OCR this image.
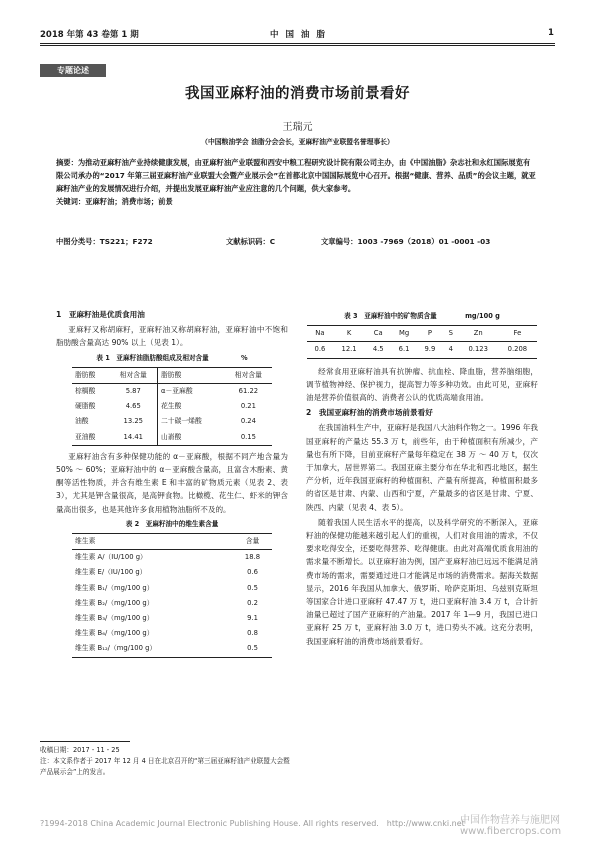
2018 年第 43 卷第 1 期	中 国 油 脂	1
专题论述
我国亚麻籽油的消费市场前景看好
王瑞元
（中国粮油学会 油脂分会会长，亚麻籽油产业联盟名誉理事长）

摘要：为推动亚麻籽油产业持续健康发展，由亚麻籽油产业联盟和西安中粮工程研究设计院有限公司主办，由《中国油脂》杂志社和永红国际展览有限公司承办的“2017 年第三届亚麻籽油产业联盟大会暨产业展示会”在首都北京中国国际展览中心召开。根据“健康、营养、品质”的会议主题，就亚麻籽油产业的发展情况进行介绍，并提出发展亚麻籽油产业应注意的几个问题，供大家参考。

关键词：亚麻籽油；消费市场；前景

中图分类号：TS221；F272	文献标识码：C	文章编号：1003 -7969（2018）01 -0001 -03

1　亚麻籽油是优质食用油

亚麻籽又称胡麻籽，亚麻籽油又称胡麻籽油，亚麻籽油中不饱和脂肪酸含量高达 90% 以上（见表 1）。

表 1　亚麻籽油脂肪酸组成及相对含量	%
脂肪酸	相对含量	脂肪酸	相对含量
棕榈酸	5.87	α－亚麻酸	61.22
硬脂酸	4.65	花生酸	0.21
油酸	13.25	二十碳一烯酸	0.24
亚油酸	14.41	山嵛酸	0.15

亚麻籽油含有多种保健功能的 α－亚麻酸，根据不同产地含量为 50% ～ 60%；亚麻籽油中的 α－亚麻酸含量高，且富含木酚素、黄酮等活性物质，并含有维生素 E 和丰富的矿物质元素（见表 2、表 3），尤其是钾含量很高，是高钾食物。比橄榄、花生仁、虾米的钾含量高出很多，也是其他许多食用植物油脂所不及的。

表 2　亚麻籽油中的维生素含量
维生素	含量
维生素 A/（IU/100 g）	18.8
维生素 E/（IU/100 g）	0.6
维生素 B₁/（mg/100 g）	0.5
维生素 B₂/（mg/100 g）	0.2
维生素 B₃/（mg/100 g）	9.1
维生素 B₆/（mg/100 g）	0.8
维生素 B₁₂/（mg/100 g）	0.5
收稿日期：2017 - 11 - 25
注：本文系作者于 2017 年 12 月 4 日在北京召开的“第三届亚麻籽油产业联盟大会暨产品展示会”上的发言。
表 3　亚麻籽油中的矿物质含量	mg/100 g
Na	K	Ca	Mg	P	S	Zn	Fe
0.6	12.1	4.5	6.1	9.9	4	0.123	0.208

经常食用亚麻籽油具有抗肿瘤、抗血栓、降血脂，营养脑细胞，调节植物神经、保护视力，提高智力等多种功效。由此可见，亚麻籽油是营养价值很高的、消费者公认的优质高端食用油。

2　我国亚麻籽油的消费市场前景看好

在我国油料生产中，亚麻籽是我国八大油料作物之一。1996 年我国亚麻籽的产量达 55.3 万 t，前些年，由于种植面积有所减少，产量也有所下降，目前亚麻籽产量每年稳定在 38 万 ～ 40 万 t，仅次于加拿大，居世界第二。我国亚麻主要分布在华北和西北地区，据生产分析，近年我国亚麻籽的种植面积、产量有所提高，种植面积最多的省区是甘肃、内蒙、山西和宁夏，产量最多的省区是甘肃、宁夏、陕西、内蒙（见表 4、表 5）。

随着我国人民生活水平的提高，以及科学研究的不断深入，亚麻籽油的保健功能越来越引起人们的重视，人们对食用油的需求，不仅要求吃得安全，还要吃得营养、吃得健康。由此对高端优质食用油的需求量不断增长。以亚麻籽油为例，国产亚麻籽油已远远不能满足消费市场的需求，需要通过进口才能满足市场的消费需求。据海关数据显示，2016 年我国从加拿大、俄罗斯、哈萨克斯坦、乌兹别克斯坦等国家合计进口亚麻籽 47.47 万 t，进口亚麻籽油 3.4 万 t，合计折油量已超过了国产亚麻籽的产油量。2017 年 1—9 月，我国已进口亚麻籽 25 万 t，亚麻籽油 3.0 万 t，进口势头不减。这充分表明，我国亚麻籽油的消费市场前景看好。

?1994-2018 China Academic Journal Electronic Publishing House. All rights reserved.　http://www.cnki.net
中国作物营养与施肥网 www.fibercrops.com
